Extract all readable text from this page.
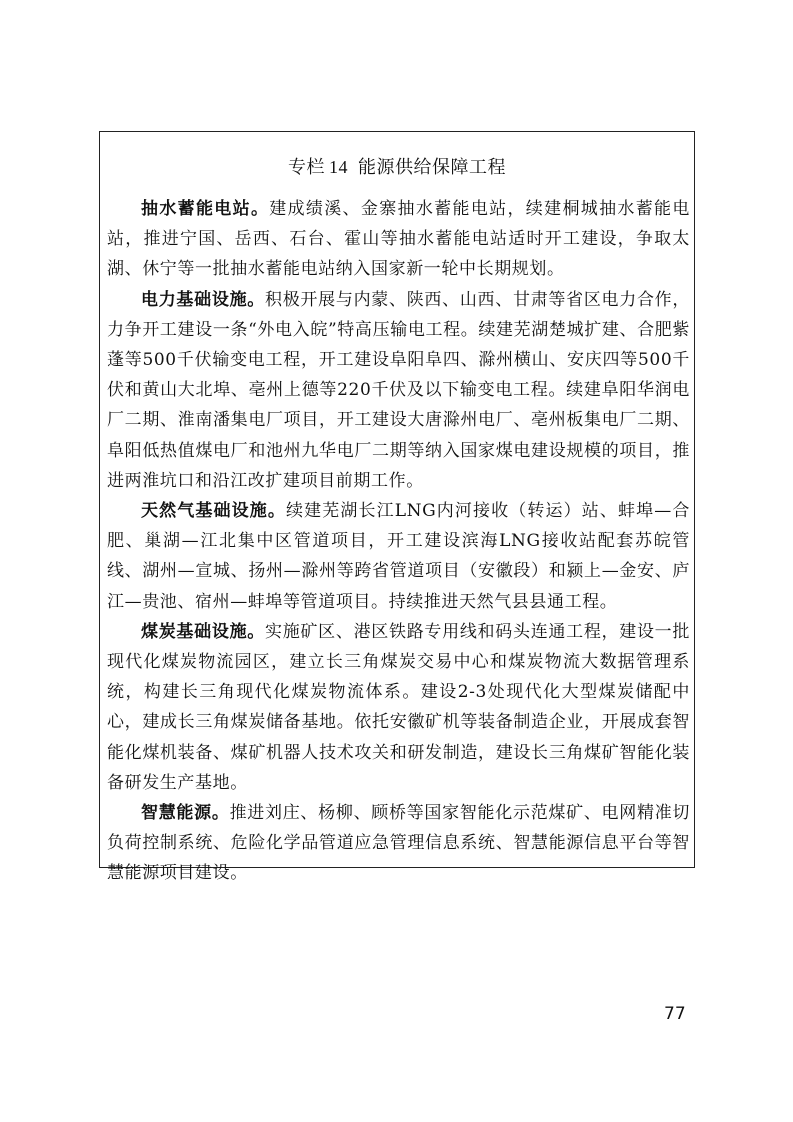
专栏 14 能源供给保障工程

抽水蓄能电站。建成绩溪、金寨抽水蓄能电站，续建桐城抽水蓄能电站，推进宁国、岳西、石台、霍山等抽水蓄能电站适时开工建设，争取太湖、休宁等一批抽水蓄能电站纳入国家新一轮中长期规划。

电力基础设施。积极开展与内蒙、陕西、山西、甘肃等省区电力合作，力争开工建设一条“外电入皖”特高压输电工程。续建芜湖楚城扩建、合肥紫蓬等500千伏输变电工程，开工建设阜阳阜四、滁州横山、安庆四等500千伏和黄山大北埠、亳州上德等220千伏及以下输变电工程。续建阜阳华润电厂二期、淮南潘集电厂项目，开工建设大唐滁州电厂、亳州板集电厂二期、阜阳低热值煤电厂和池州九华电厂二期等纳入国家煤电建设规模的项目，推进两淮坑口和沿江改扩建项目前期工作。

天然气基础设施。续建芜湖长江LNG内河接收（转运）站、蚌埠—合肥、巢湖—江北集中区管道项目，开工建设滨海LNG接收站配套苏皖管线、湖州—宣城、扬州—滁州等跨省管道项目（安徽段）和颍上—金安、庐江—贵池、宿州—蚌埠等管道项目。持续推进天然气县县通工程。

煤炭基础设施。实施矿区、港区铁路专用线和码头连通工程，建设一批现代化煤炭物流园区，建立长三角煤炭交易中心和煤炭物流大数据管理系统，构建长三角现代化煤炭物流体系。建设2-3处现代化大型煤炭储配中心，建成长三角煤炭储备基地。依托安徽矿机等装备制造企业，开展成套智能化煤机装备、煤矿机器人技术攻关和研发制造，建设长三角煤矿智能化装备研发生产基地。

智慧能源。推进刘庄、杨柳、顾桥等国家智能化示范煤矿、电网精准切负荷控制系统、危险化学品管道应急管理信息系统、智慧能源信息平台等智慧能源项目建设。

77
